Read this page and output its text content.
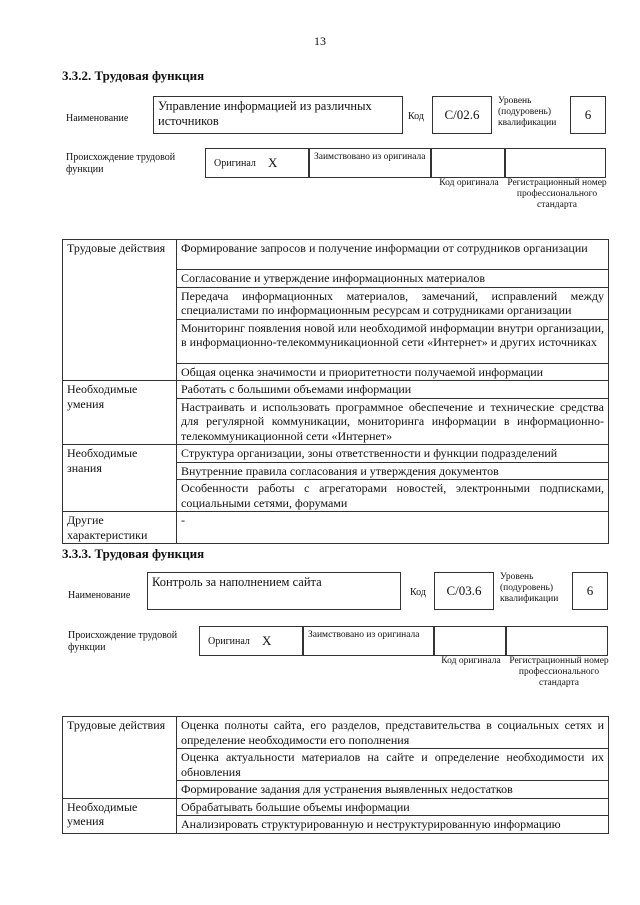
13
3.3.2. Трудовая функция
Наименование
Управление информацией из различных источников	Код	C/02.6
Уровень (подуровень) квалификации
6
Происхождение трудовой функции
Оригинал X	Заимствовано из оригинала
Код оригинала Регистрационный номер профессионального стандарта
Трудовые действия	Формирование запросов и получение информации от сотрудников организации
	Согласование и утверждение информационных материалов
	Передача информационных материалов, замечаний, исправлений между специалистами по информационным ресурсам и сотрудниками организации
	Мониторинг появления новой или необходимой информации внутри организации, в информационно-телекоммуникационной сети «Интернет» и других источниках
	Общая оценка значимости и приоритетности получаемой информации
Необходимые умения	Работать с большими объемами информации
	Настраивать и использовать программное обеспечение и технические средства для регулярной коммуникации, мониторинга информации в информационно-телекоммуникационной сети «Интернет»
Необходимые знания	Структура организации, зоны ответственности и функции подразделений
	Внутренние правила согласования и утверждения документов
	Особенности работы с агрегаторами новостей, электронными подписками, социальными сетями, форумами
Другие характеристики	-
3.3.3. Трудовая функция
Наименование
Контроль за наполнением сайта
Код	C/03.6
Уровень (подуровень) квалификации
6
Происхождение трудовой функции
Оригинал X	Заимствовано из оригинала
Код оригинала Регистрационный номер профессионального стандарта
Трудовые действия	Оценка полноты сайта, его разделов, представительства в социальных сетях и определение необходимости его пополнения
	Оценка актуальности материалов на сайте и определение необходимости их обновления
	Формирование задания для устранения выявленных недостатков
Необходимые умения	Обрабатывать большие объемы информации
	Анализировать структурированную и неструктурированную информацию
